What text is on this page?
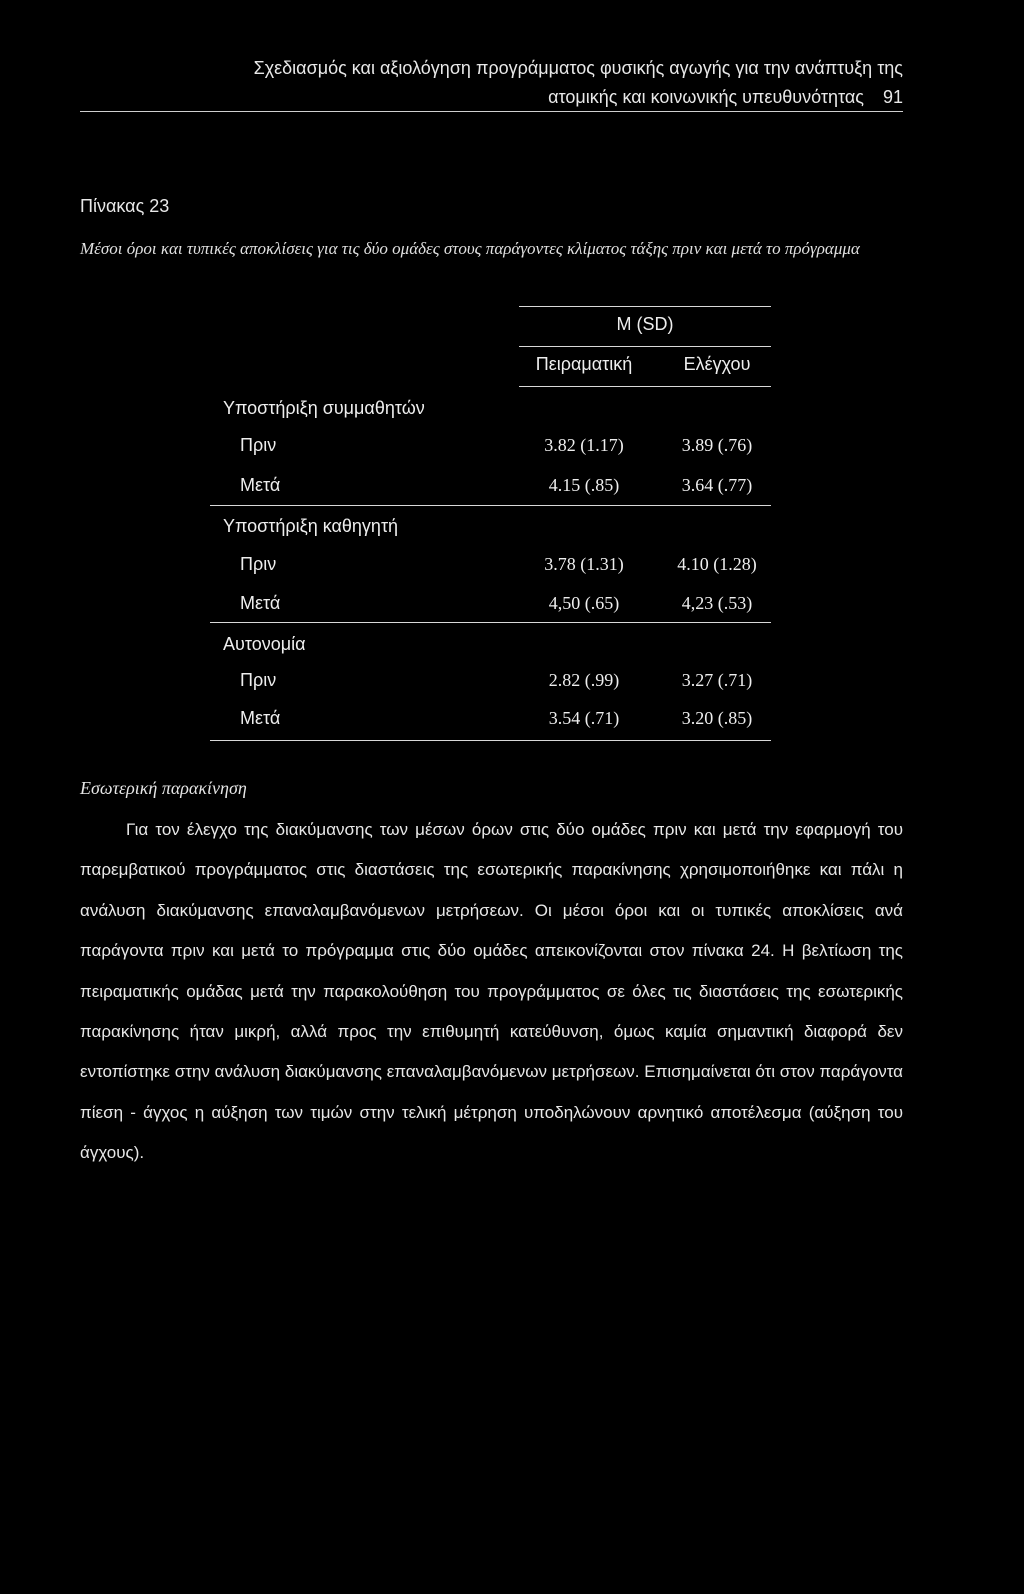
Σχεδιασμός και αξιολόγηση προγράμματος φυσικής αγωγής για την ανάπτυξη της
ατομικής και κοινωνικής υπευθυνότητας 91
Πίνακας 23
Μέσοι όροι και τυπικές αποκλίσεις για τις δύο ομάδες στους παράγοντες κλίματος τάξης πριν και μετά το πρόγραμμα
M (SD)
Πειραματική	Ελέγχου
Υποστήριξη συμμαθητών
Πριν	3.82 (1.17)	3.89 (.76)
Μετά	4.15 (.85)	3.64 (.77)
Υποστήριξη καθηγητή
Πριν	3.78 (1.31)	4.10 (1.28)
Μετά	4,50 (.65)	4,23 (.53)
Αυτονομία
Πριν	2.82 (.99)	3.27 (.71)
Μετά	3.54 (.71)	3.20 (.85)
Εσωτερική παρακίνηση
Για τον έλεγχο της διακύμανσης των μέσων όρων στις δύο ομάδες πριν και μετά την εφαρμογή του παρεμβατικού προγράμματος στις διαστάσεις της εσωτερικής παρακίνησης χρησιμοποιήθηκε και πάλι η ανάλυση διακύμανσης επαναλαμβανόμενων μετρήσεων. Οι μέσοι όροι και οι τυπικές αποκλίσεις ανά παράγοντα πριν και μετά το πρόγραμμα στις δύο ομάδες απεικονίζονται στον πίνακα 24. Η βελτίωση της πειραματικής ομάδας μετά την παρακολούθηση του προγράμματος σε όλες τις διαστάσεις της εσωτερικής παρακίνησης ήταν μικρή, αλλά προς την επιθυμητή κατεύθυνση, όμως καμία σημαντική διαφορά δεν εντοπίστηκε στην ανάλυση διακύμανσης επαναλαμβανόμενων μετρήσεων. Επισημαίνεται ότι στον παράγοντα πίεση - άγχος η αύξηση των τιμών στην τελική μέτρηση υποδηλώνουν αρνητικό αποτέλεσμα (αύξηση του άγχους).
